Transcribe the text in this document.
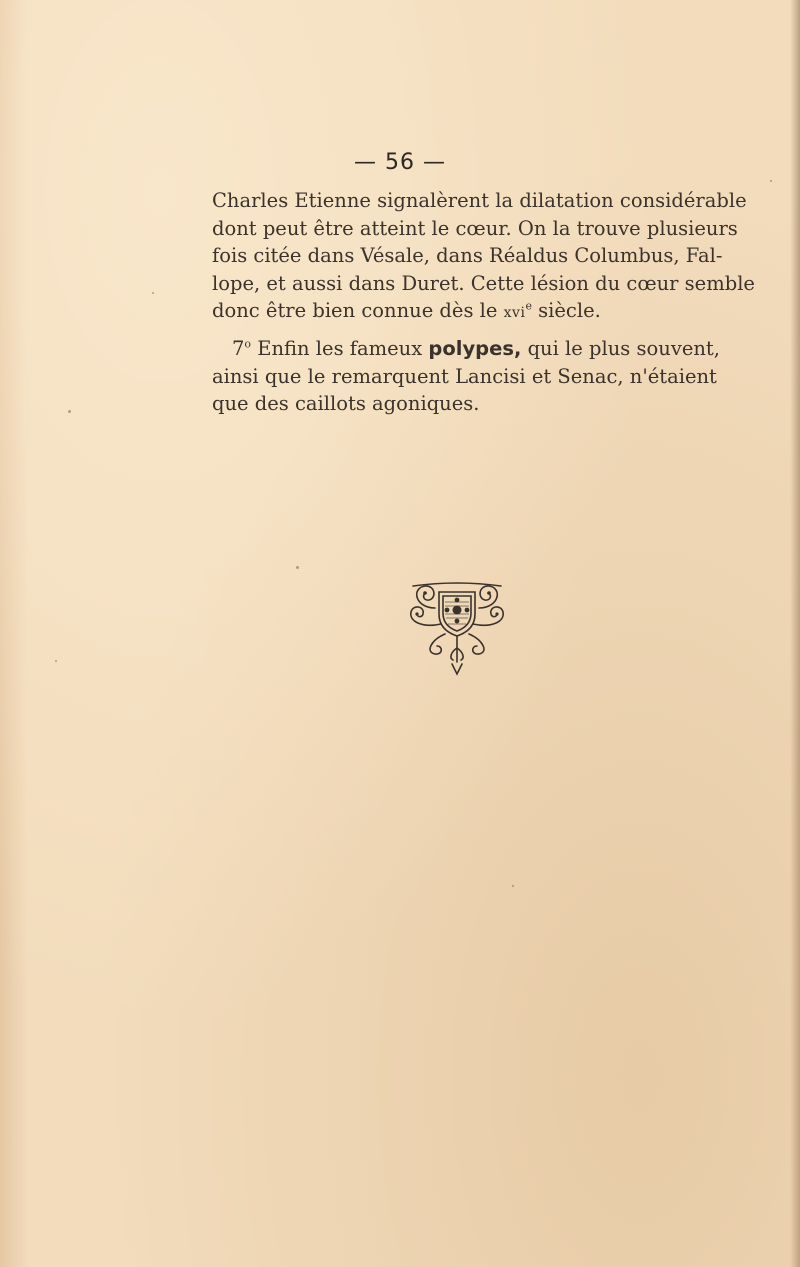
— 56 —
Charles Etienne signalèrent la dilatation considérable
dont peut être atteint le cœur. On la trouve plusieurs
fois citée dans Vésale, dans Réaldus Columbus, Fal-
lope, et aussi dans Duret. Cette lésion du cœur semble
donc être bien connue dès le xvi$^e$ siècle.
7$^o$ Enfin les fameux polypes, qui le plus souvent,
ainsi que le remarquent Lancisi et Senac, n'étaient
que des caillots agoniques.
